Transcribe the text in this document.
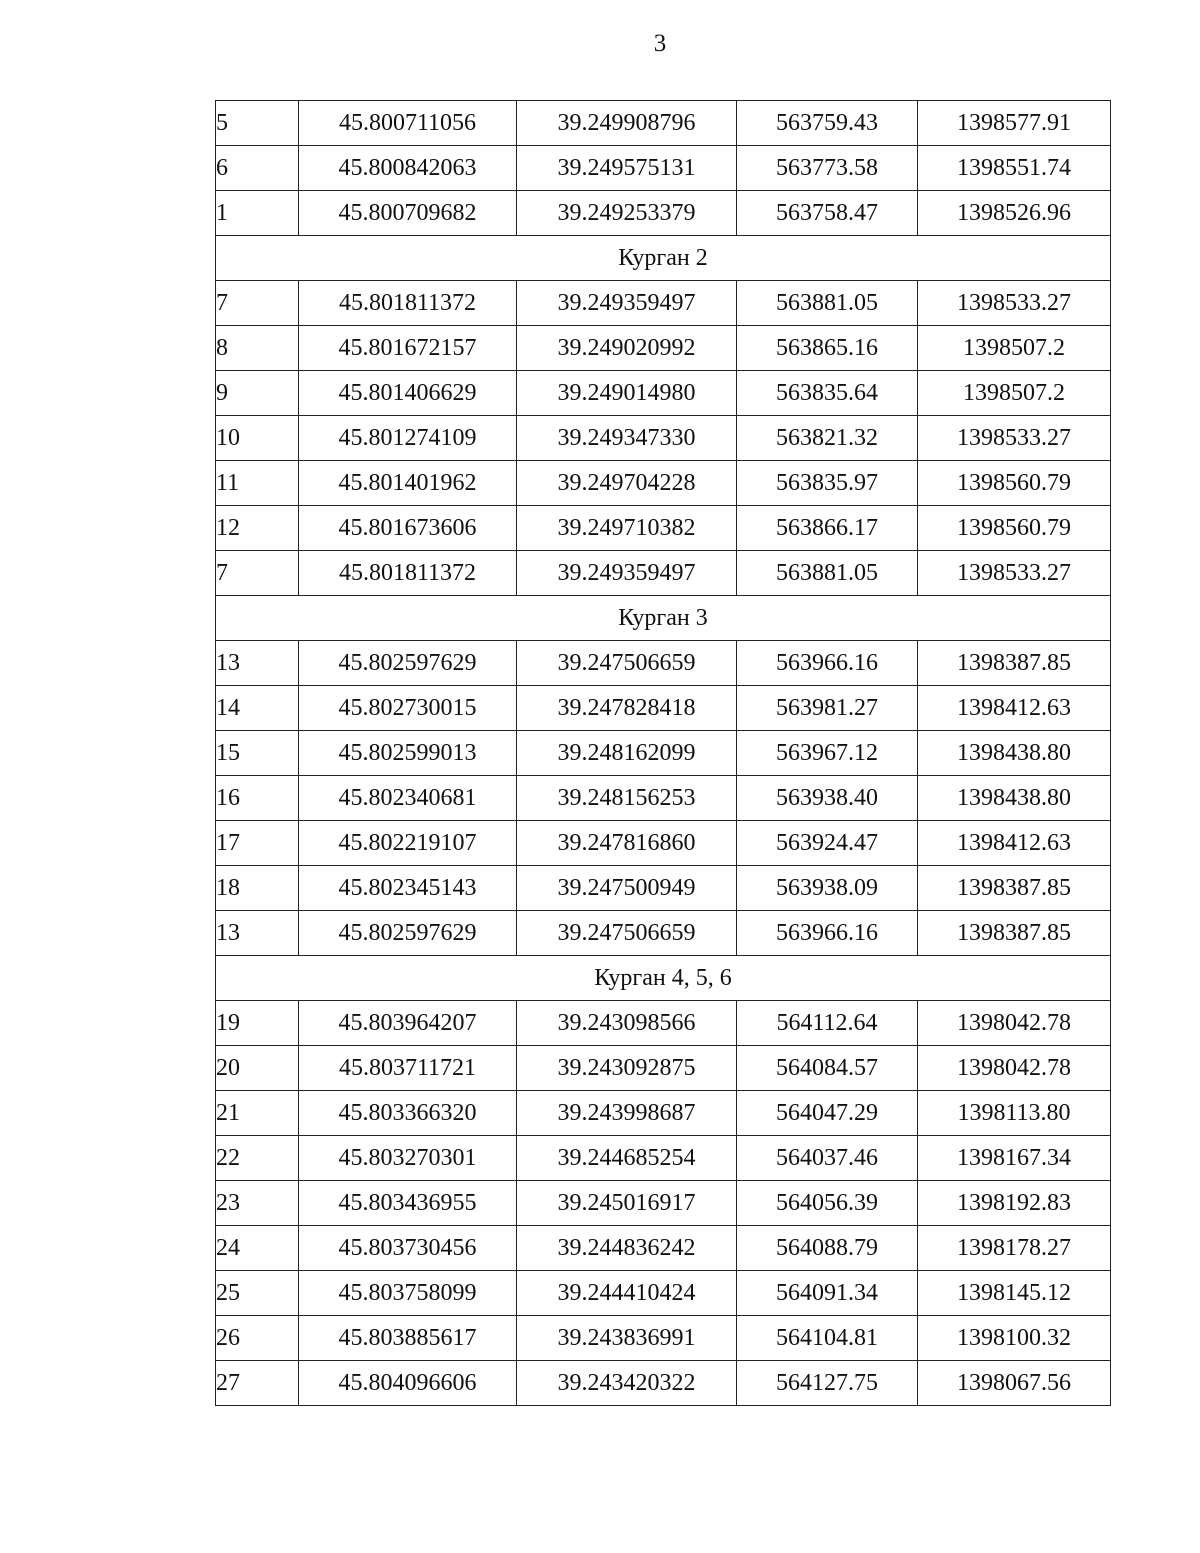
3
5	45.800711056	39.249908796	563759.43	1398577.91
6	45.800842063	39.249575131	563773.58	1398551.74
1	45.800709682	39.249253379	563758.47	1398526.96
Курган 2				
7	45.801811372	39.249359497	563881.05	1398533.27
8	45.801672157	39.249020992	563865.16	1398507.2
9	45.801406629	39.249014980	563835.64	1398507.2
10	45.801274109	39.249347330	563821.32	1398533.27
11	45.801401962	39.249704228	563835.97	1398560.79
12	45.801673606	39.249710382	563866.17	1398560.79
7	45.801811372	39.249359497	563881.05	1398533.27
Курган 3				
13	45.802597629	39.247506659	563966.16	1398387.85
14	45.802730015	39.247828418	563981.27	1398412.63
15	45.802599013	39.248162099	563967.12	1398438.80
16	45.802340681	39.248156253	563938.40	1398438.80
17	45.802219107	39.247816860	563924.47	1398412.63
18	45.802345143	39.247500949	563938.09	1398387.85
13	45.802597629	39.247506659	563966.16	1398387.85
Курган 4, 5, 6				
19	45.803964207	39.243098566	564112.64	1398042.78
20	45.803711721	39.243092875	564084.57	1398042.78
21	45.803366320	39.243998687	564047.29	1398113.80
22	45.803270301	39.244685254	564037.46	1398167.34
23	45.803436955	39.245016917	564056.39	1398192.83
24	45.803730456	39.244836242	564088.79	1398178.27
25	45.803758099	39.244410424	564091.34	1398145.12
26	45.803885617	39.243836991	564104.81	1398100.32
27	45.804096606	39.243420322	564127.75	1398067.56
